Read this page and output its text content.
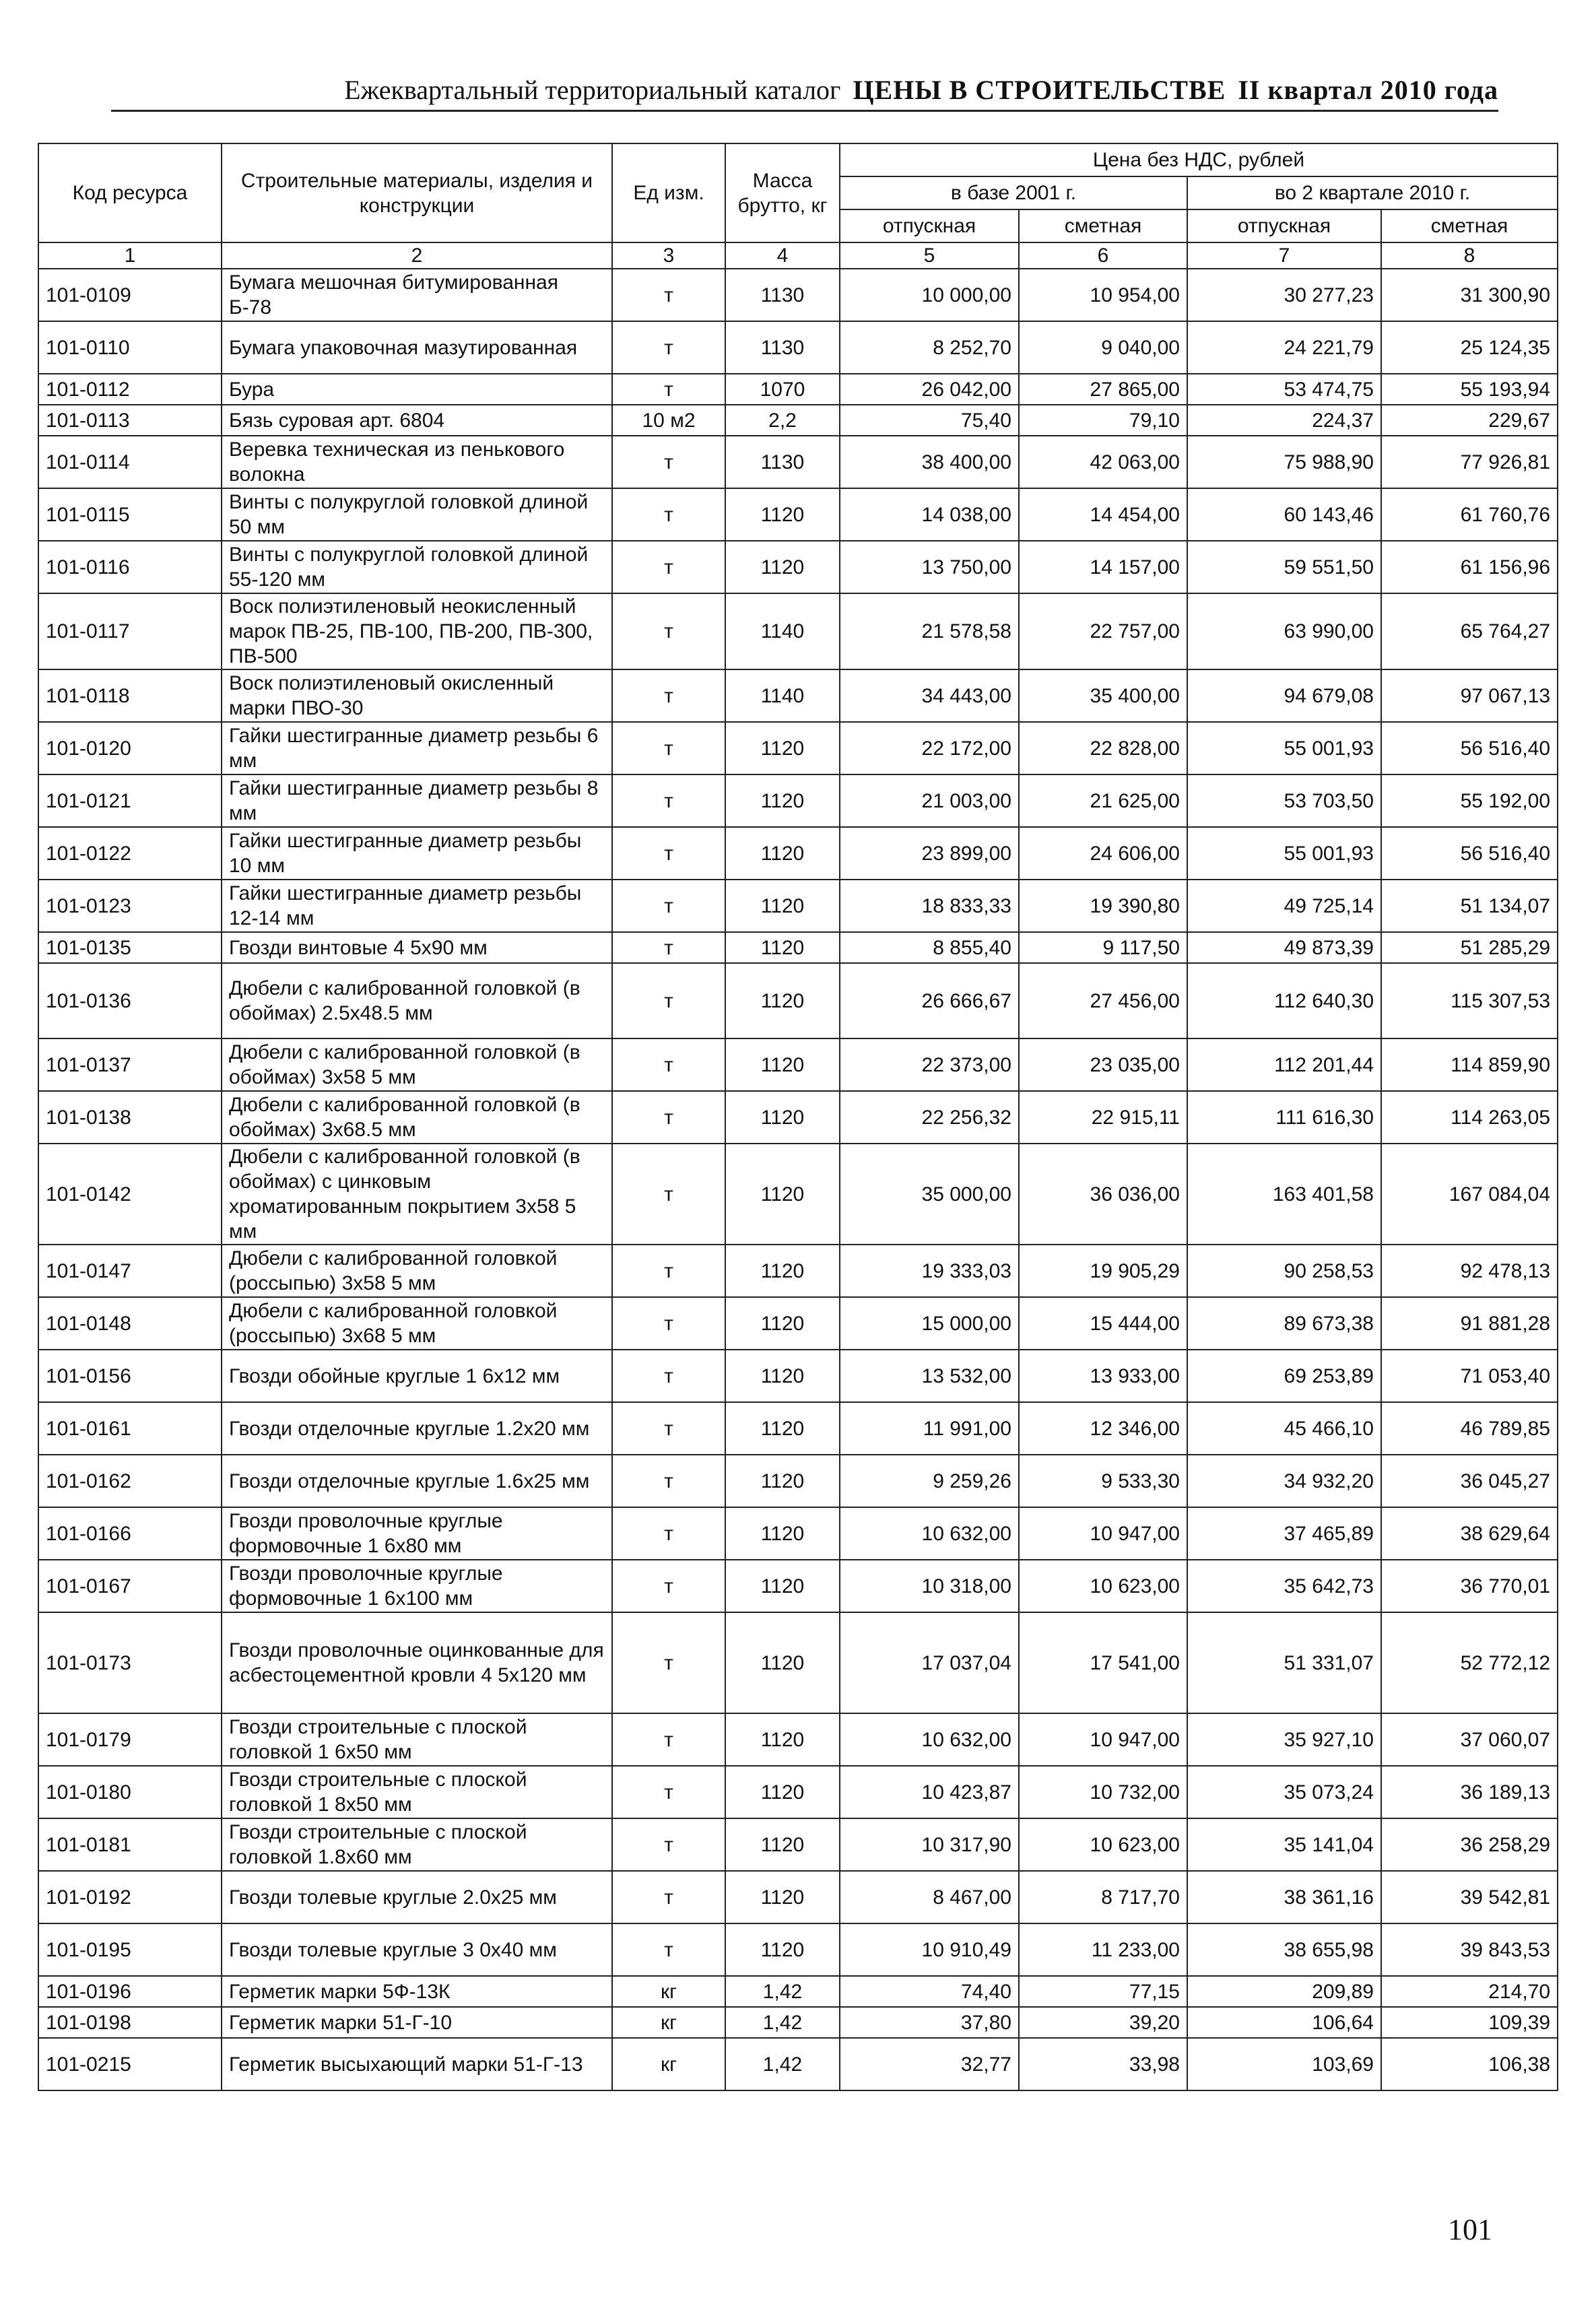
Ежеквартальный территориальный каталог ЦЕНЫ В СТРОИТЕЛЬСТВЕ II квартал 2010 года
Код ресурса	Строительные материалы, изделия и конструкции	Ед изм.	Масса брутто, кг	Цена без НДС, рублей			
				в базе 2001 г.		во 2 квартале 2010 г.	
				отпускная	сметная	отпускная	сметная
1	2	3	4	5	6	7	8
101-0109	Бумага мешочная битумированная Б-78	т	1130	10 000,00	10 954,00	30 277,23	31 300,90
101-0110	Бумага упаковочная мазутированная	т	1130	8 252,70	9 040,00	24 221,79	25 124,35
101-0112	Бура	т	1070	26 042,00	27 865,00	53 474,75	55 193,94
101-0113	Бязь суровая арт. 6804	10 м2	2,2	75,40	79,10	224,37	229,67
101-0114	Веревка техническая из пенькового волокна	т	1130	38 400,00	42 063,00	75 988,90	77 926,81
101-0115	Винты с полукруглой головкой длиной 50 мм	т	1120	14 038,00	14 454,00	60 143,46	61 760,76
101-0116	Винты с полукруглой головкой длиной 55-120 мм	т	1120	13 750,00	14 157,00	59 551,50	61 156,96
101-0117	Воск полиэтиленовый неокисленный марок ПВ-25, ПВ-100, ПВ-200, ПВ-300, ПВ-500	т	1140	21 578,58	22 757,00	63 990,00	65 764,27
101-0118	Воск полиэтиленовый окисленный марки ПВО-30	т	1140	34 443,00	35 400,00	94 679,08	97 067,13
101-0120	Гайки шестигранные диаметр резьбы 6 мм	т	1120	22 172,00	22 828,00	55 001,93	56 516,40
101-0121	Гайки шестигранные диаметр резьбы 8 мм	т	1120	21 003,00	21 625,00	53 703,50	55 192,00
101-0122	Гайки шестигранные диаметр резьбы 10 мм	т	1120	23 899,00	24 606,00	55 001,93	56 516,40
101-0123	Гайки шестигранные диаметр резьбы 12-14 мм	т	1120	18 833,33	19 390,80	49 725,14	51 134,07
101-0135	Гвозди винтовые 4 5х90 мм	т	1120	8 855,40	9 117,50	49 873,39	51 285,29
101-0136	Дюбели с калиброванной головкой (в обоймах) 2.5х48.5 мм	т	1120	26 666,67	27 456,00	112 640,30	115 307,53
101-0137	Дюбели с калиброванной головкой (в обоймах) 3х58 5 мм	т	1120	22 373,00	23 035,00	112 201,44	114 859,90
101-0138	Дюбели с калиброванной головкой (в обоймах) 3х68.5 мм	т	1120	22 256,32	22 915,11	111 616,30	114 263,05
101-0142	Дюбели с калиброванной головкой (в обоймах) с цинковым хроматированным покрытием 3х58 5 мм	т	1120	35 000,00	36 036,00	163 401,58	167 084,04
101-0147	Дюбели с калиброванной головкой (россыпью) 3х58 5 мм	т	1120	19 333,03	19 905,29	90 258,53	92 478,13
101-0148	Дюбели с калиброванной головкой (россыпью) 3х68 5 мм	т	1120	15 000,00	15 444,00	89 673,38	91 881,28
101-0156	Гвозди обойные круглые 1 6х12 мм	т	1120	13 532,00	13 933,00	69 253,89	71 053,40
101-0161	Гвозди отделочные круглые 1.2х20 мм	т	1120	11 991,00	12 346,00	45 466,10	46 789,85
101-0162	Гвозди отделочные круглые 1.6х25 мм	т	1120	9 259,26	9 533,30	34 932,20	36 045,27
101-0166	Гвозди проволочные круглые формовочные 1 6х80 мм	т	1120	10 632,00	10 947,00	37 465,89	38 629,64
101-0167	Гвозди проволочные круглые формовочные 1 6х100 мм	т	1120	10 318,00	10 623,00	35 642,73	36 770,01
101-0173	Гвозди проволочные оцинкованные для асбестоцементной кровли 4 5х120 мм	т	1120	17 037,04	17 541,00	51 331,07	52 772,12
101-0179	Гвозди строительные с плоской головкой 1 6х50 мм	т	1120	10 632,00	10 947,00	35 927,10	37 060,07
101-0180	Гвозди строительные с плоской головкой 1 8х50 мм	т	1120	10 423,87	10 732,00	35 073,24	36 189,13
101-0181	Гвозди строительные с плоской головкой 1.8х60 мм	т	1120	10 317,90	10 623,00	35 141,04	36 258,29
101-0192	Гвозди толевые круглые 2.0х25 мм	т	1120	8 467,00	8 717,70	38 361,16	39 542,81
101-0195	Гвозди толевые круглые 3 0х40 мм	т	1120	10 910,49	11 233,00	38 655,98	39 843,53
101-0196	Герметик марки 5Ф-13К	кг	1,42	74,40	77,15	209,89	214,70
101-0198	Герметик марки 51-Г-10	кг	1,42	37,80	39,20	106,64	109,39
101-0215	Герметик высыхающий марки 51-Г-13	кг	1,42	32,77	33,98	103,69	106,38
101
